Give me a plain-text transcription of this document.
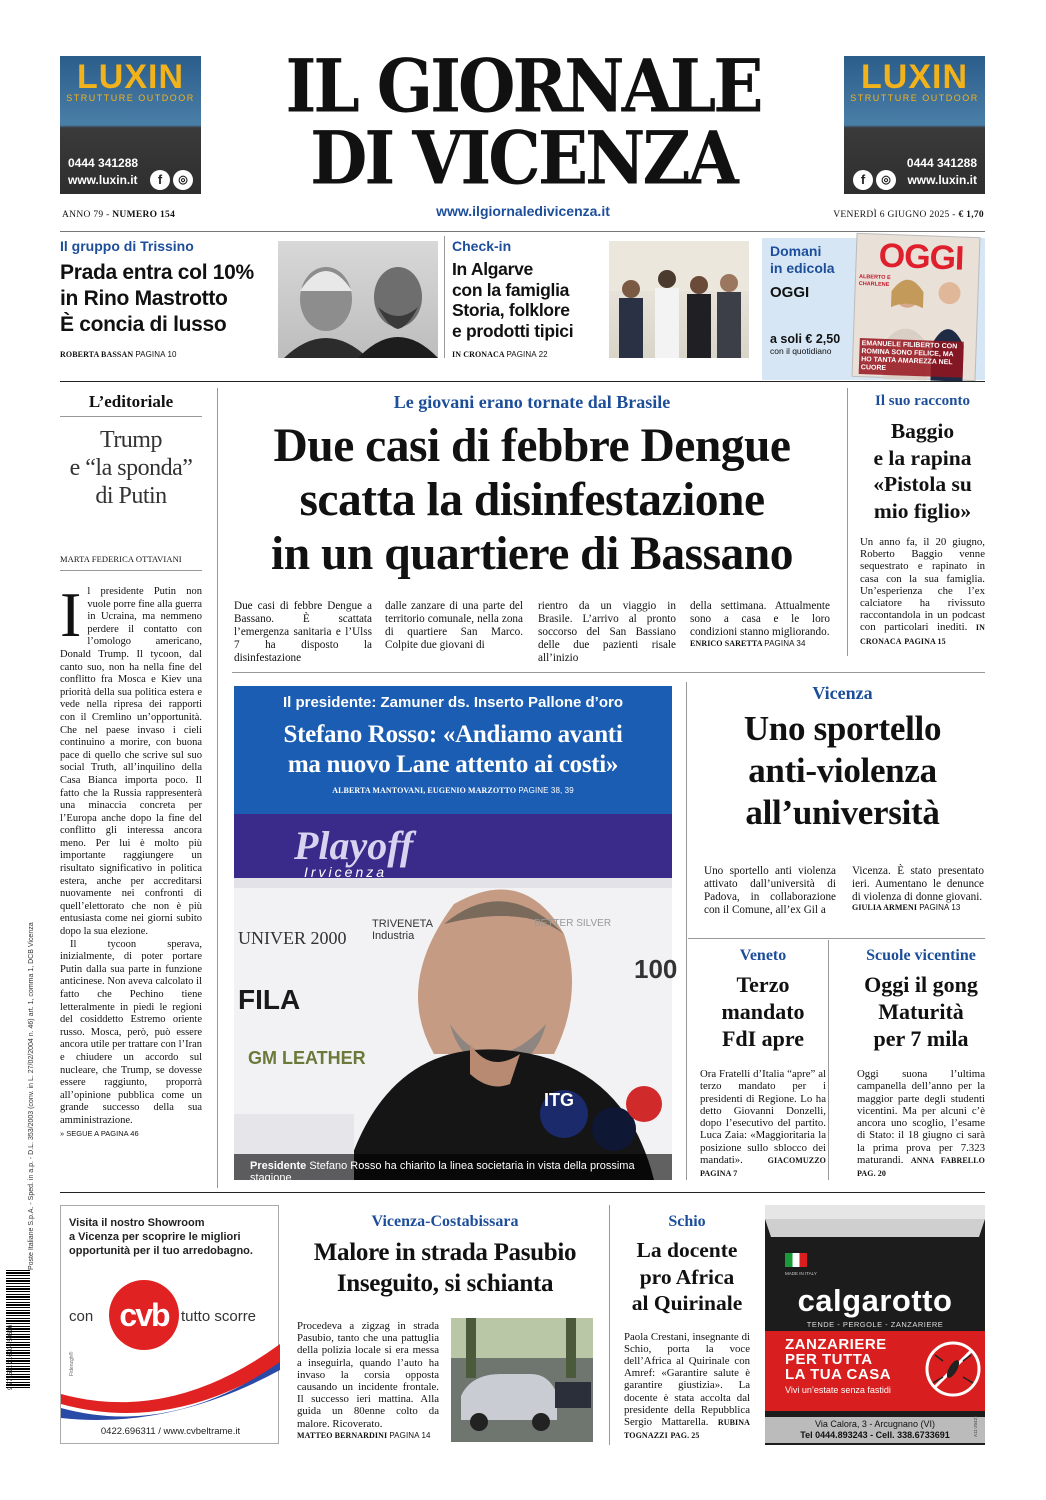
LUXIN
STRUTTURE OUTDOOR
0444 341288
www.luxin.it	f	◎
IL GIORNALE
DI VICENZA
LUXIN
STRUTTURE OUTDOOR
f	◎
0444 341288
www.luxin.it
ANNO 79 - NUMERO 154	www.ilgiornaledivicenza.it	VENERDÌ 6 GIUGNO 2025 - € 1,70
Il gruppo di Trissino
Prada entra col 10%
in Rino Mastrotto
È concia di lusso
ROBERTA BASSAN PAGINA 10
Check-in
In Algarve
con la famiglia
Storia, folklore
e prodotti tipici
IN CRONACA PAGINA 22
Domani
in edicola
OGGI
a soli € 2,50
con il quotidiano
OGGI
ALBERTO E CHARLENE
EMANUELE FILIBERTO CON ROMINA SONO FELICE, MA HO TANTA AMAREZZA NEL CUORE
L’editoriale
Trump
e “la sponda”
di Putin
MARTA FEDERICA OTTAVIANI
Il presidente Putin non vuole porre fine alla guerra in Ucraina, ma nemmeno perdere il contatto con l’omologo americano, Donald Trump. Il tycoon, dal canto suo, non ha nella fine del conflitto fra Mosca e Kiev una priorità della sua politica estera e vede nella ripresa dei rapporti con il Cremlino un’opportunità. Che nel paese invaso i cieli continuino a morire, con buona pace di quello che scrive sul suo social Truth, all’inquilino della Casa Bianca importa poco. Il fatto che la Russia rappresenterà una minaccia concreta per l’Europa anche dopo la fine del conflitto gli interessa ancora meno. Per lui è molto più importante raggiungere un risultato significativo in politica estera, anche per accreditarsi nuovamente nei confronti di quell’elettorato che non è più entusiasta come nei giorni subito dopo la sua elezione.
Il tycoon sperava, inizialmente, di poter portare Putin dalla sua parte in funzione anticinese. Non aveva calcolato il fatto che Pechino tiene letteralmente in piedi le regioni del cosiddetto Estremo oriente russo. Mosca, però, può essere ancora utile per trattare con l’Iran e chiudere un accordo sul nucleare, che Trump, se dovesse essere raggiunto, proporrà all’opinione pubblica come un grande successo della sua amministrazione.
» SEGUE A PAGINA 46
Le giovani erano tornate dal Brasile
Due casi di febbre Dengue
scatta la disinfestazione
in un quartiere di Bassano
Due casi di febbre Dengue a Bassano. È scattata l’emergenza sanitaria e l’Ulss 7 ha disposto la disinfestazione
dalle zanzare di una parte del territorio comunale, nella zona di quartiere San Marco. Colpite due giovani di
rientro da un viaggio in Brasile. L’arrivo al pronto soccorso del San Bassiano delle due pazienti risale all’inizio
della settimana. Attualmente sono a casa e le loro condizioni stanno migliorando.
ENRICO SARETTA PAGINA 34
Il suo racconto
Baggio
e la rapina
«Pistola su
mio figlio»
Un anno fa, il 20 giugno, Roberto Baggio venne sequestrato e rapinato in casa con la sua famiglia. Un’esperienza che l’ex calciatore ha rivissuto raccontandola in un podcast con particolari inediti. IN CRONACA PAGINA 15
Il presidente: Zamuner ds. Inserto Pallone d’oro
Stefano Rosso: «Andiamo avanti
ma nuovo Lane attento ai costi»
ALBERTA MANTOVANI, EUGENIO MARZOTTO PAGINE 38, 39
Playoff
Irvicenza
UNIVER 2000
FILA
TRIVENETA Industria
BETTER SILVER
GM LEATHER
100
ITG
Presidente Stefano Rosso ha chiarito la linea societaria in vista della prossima stagione
Vicenza
Uno sportello
anti-violenza
all’università
Uno sportello anti violenza attivato dall’università di Padova, in collaborazione con il Comune, all’ex Gil a
Vicenza. È stato presentato ieri. Aumentano le denunce di violenza di donne giovani.
GIULIA ARMENI PAGINA 13
Veneto
Terzo
mandato
FdI apre
Ora Fratelli d’Italia “apre” al terzo mandato per i presidenti di Regione. Lo ha detto Giovanni Donzelli, dopo l’esecutivo del partito. Luca Zaia: «Maggioritaria la posizione sullo sblocco dei mandati».	GIACOMUZZO PAGINA 7
Scuole vicentine
Oggi il gong
Maturità
per 7 mila
Oggi suona l’ultima campanella dell’anno per la maggior parte degli studenti vicentini. Ma per alcuni c’è ancora uno scoglio, l’esame di Stato: il 18 giugno ci sarà la prima prova per 7.323 maturandi. ANNA FABRELLO PAG. 20
Poste Italiane S.p.A. - Sped. in a.p. - D.L. 353/2003 (conv. in L. 27/02/2004 n. 46) art. 1, comma 1, DCB Vicenza
9 771591 216904 50606
Visita il nostro Showroom
a Vicenza per scoprire le migliori
opportunità per il tuo arredobagno.
con cvb tutto scorre
Fidenzgh®
0422.696311 / www.cvbeltrame.it
Vicenza-Costabissara
Malore in strada Pasubio
Inseguito, si schianta
Procedeva a zigzag in strada Pasubio, tanto che una pattuglia della polizia locale si era messa a inseguirla, quando l’auto ha invaso la corsia opposta causando un incidente frontale. Il successo ieri mattina. Alla guida un 80enne colto da malore. Ricoverato.
MATTEO BERNARDINI PAGINA 14
Schio
La docente
pro Africa
al Quirinale
Paola Crestani, insegnante di Schio, porta la voce dell’Africa al Quirinale con Amref: «Garantire salute è garantire giustizia». La docente è stata accolta dal presidente della Repubblica Sergio Mattarella. RUBINA TOGNAZZI PAG. 25
MADE IN ITALY
calgarotto
TENDE - PERGOLE - ZANZARIERE
ZANZARIERE
PER TUTTA
LA TUA CASA
Vivi un’estate senza fastidi
Via Calora, 3 - Arcugnano (VI)
Tel 0444.893243 - Cell. 338.6733691	A11-20421
